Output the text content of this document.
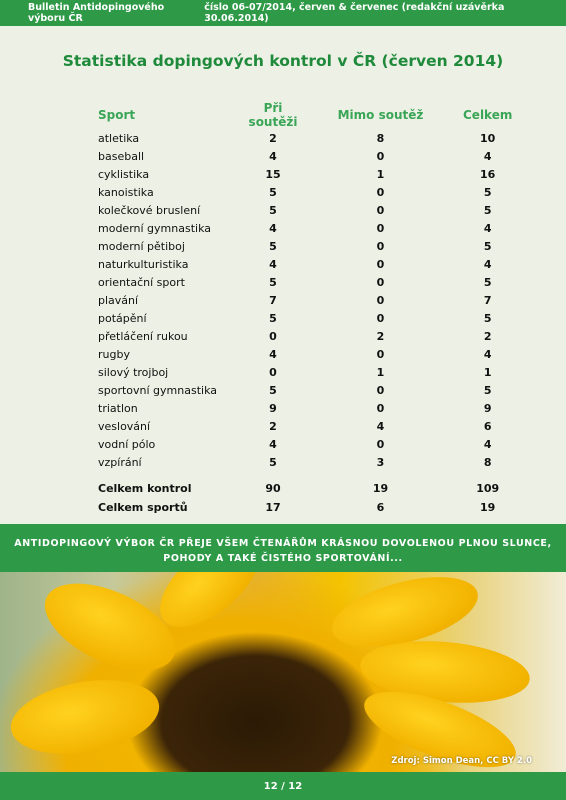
Bulletin Antidopingového výboru ČR
číslo 06-07/2014, červen & červenec (redakční uzávěrka 30.06.2014)
Statistika dopingových kontrol v ČR (červen 2014)
Sport	Při soutěži	Mimo soutěž	Celkem
atletika	2	8	10
baseball	4	0	4
cyklistika	15	1	16
kanoistika	5	0	5
kolečkové bruslení	5	0	5
moderní gymnastika	4	0	4
moderní pětiboj	5	0	5
naturkulturistika	4	0	4
orientační sport	5	0	5
plavání	7	0	7
potápění	5	0	5
přetláčení rukou	0	2	2
rugby	4	0	4
silový trojboj	0	1	1
sportovní gymnastika	5	0	5
triatlon	9	0	9
veslování	2	4	6
vodní pólo	4	0	4
vzpírání	5	3	8

Celkem kontrol	90	19	109
Celkem sportů	17	6	19
ANTIDOPINGOVÝ VÝBOR ČR PŘEJE VŠEM ČTENÁŘŮM KRÁSNOU DOVOLENOU PLNOU SLUNCE,
POHODY A TAKÉ ČISTÉHO SPORTOVÁNÍ...
Zdroj: Simon Dean, CC BY 2.0
12 / 12
